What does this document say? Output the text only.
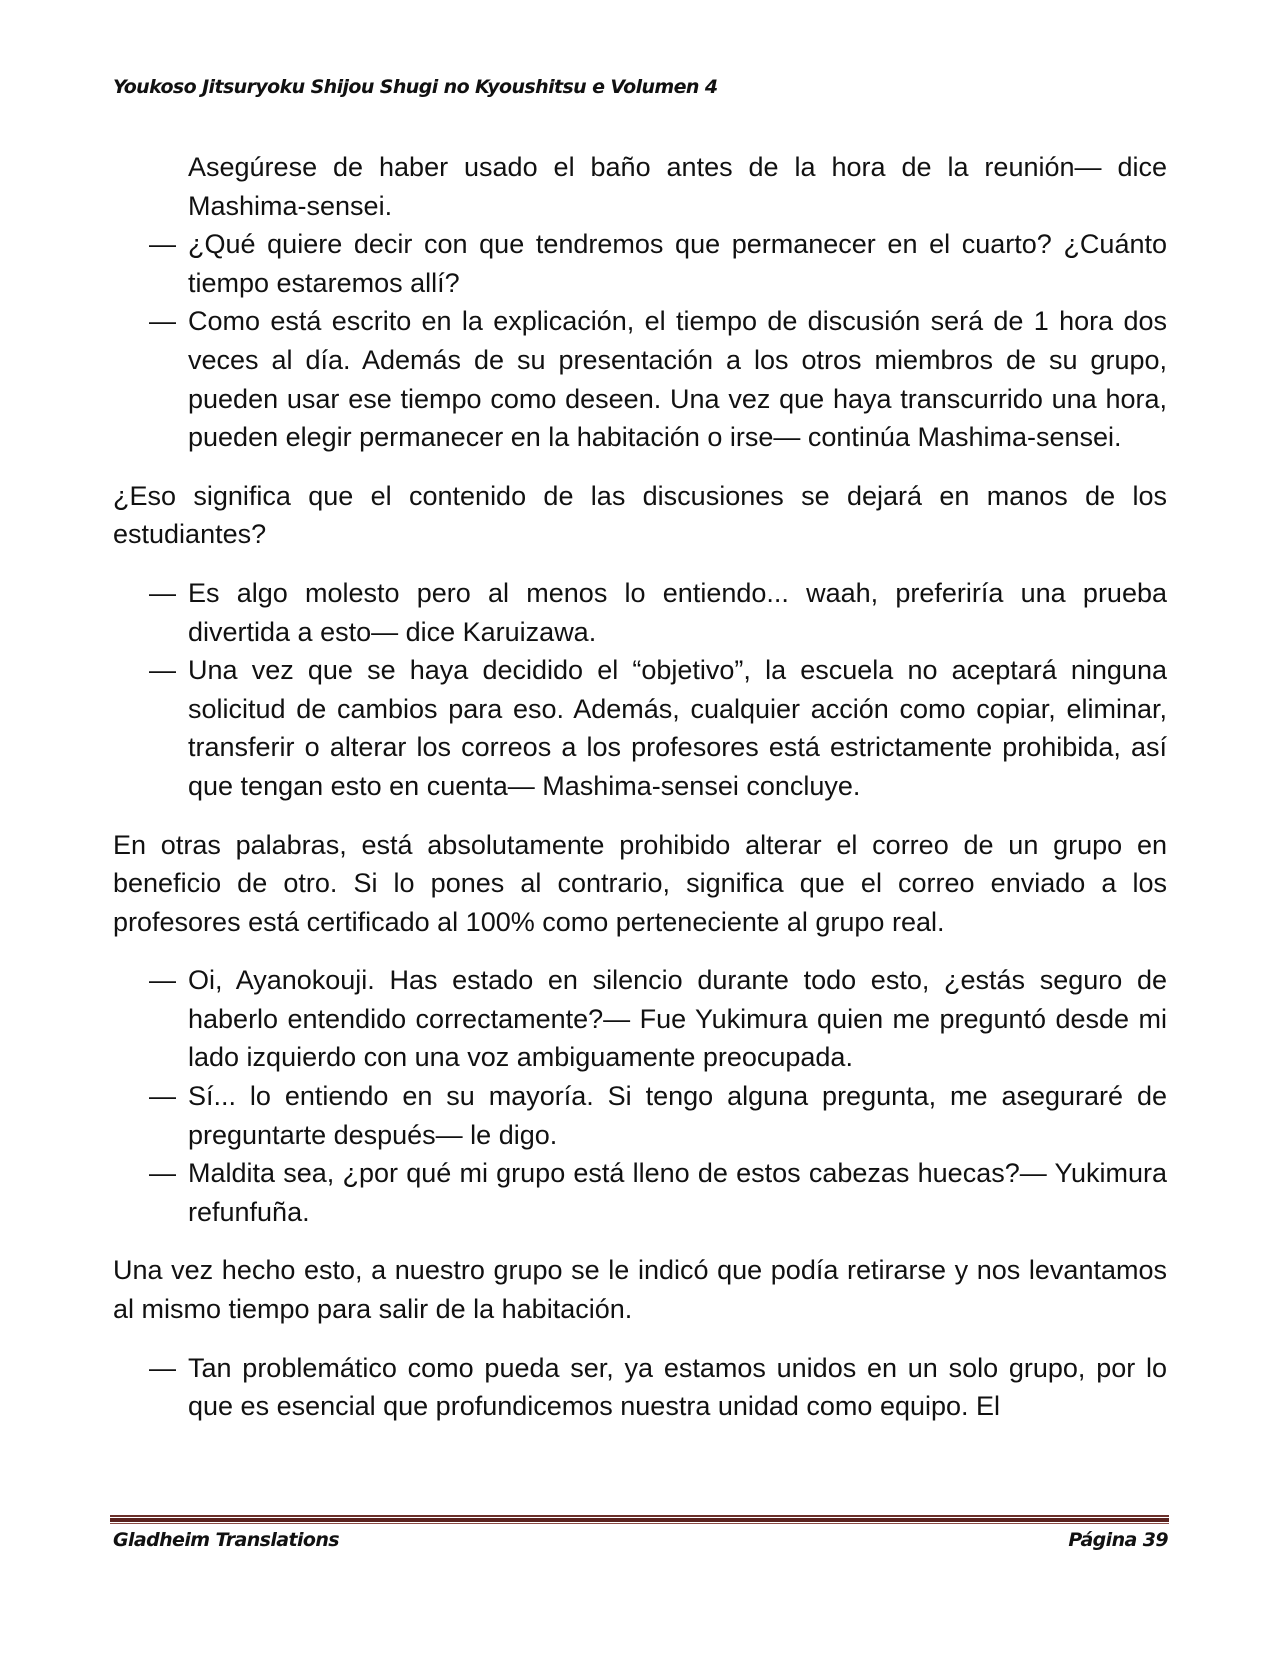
Youkoso Jitsuryoku Shijou Shugi no Kyoushitsu e Volumen 4
Asegúrese de haber usado el baño antes de la hora de la reunión— dice Mashima-sensei.
— ¿Qué quiere decir con que tendremos que permanecer en el cuarto? ¿Cuánto tiempo estaremos allí?
— Como está escrito en la explicación, el tiempo de discusión será de 1 hora dos veces al día. Además de su presentación a los otros miembros de su grupo, pueden usar ese tiempo como deseen. Una vez que haya transcurrido una hora, pueden elegir permanecer en la habitación o irse— continúa Mashima-sensei.

¿Eso significa que el contenido de las discusiones se dejará en manos de los estudiantes?

— Es algo molesto pero al menos lo entiendo... waah, preferiría una prueba divertida a esto— dice Karuizawa.
— Una vez que se haya decidido el “objetivo”, la escuela no aceptará ninguna solicitud de cambios para eso. Además, cualquier acción como copiar, eliminar, transferir o alterar los correos a los profesores está estrictamente prohibida, así que tengan esto en cuenta— Mashima-sensei concluye.

En otras palabras, está absolutamente prohibido alterar el correo de un grupo en beneficio de otro. Si lo pones al contrario, significa que el correo enviado a los profesores está certificado al 100% como perteneciente al grupo real.

— Oi, Ayanokouji. Has estado en silencio durante todo esto, ¿estás seguro de haberlo entendido correctamente?— Fue Yukimura quien me preguntó desde mi lado izquierdo con una voz ambiguamente preocupada.
— Sí... lo entiendo en su mayoría. Si tengo alguna pregunta, me aseguraré de preguntarte después— le digo.
— Maldita sea, ¿por qué mi grupo está lleno de estos cabezas huecas?— Yukimura refunfuña.

Una vez hecho esto, a nuestro grupo se le indicó que podía retirarse y nos levantamos al mismo tiempo para salir de la habitación.

— Tan problemático como pueda ser, ya estamos unidos en un solo grupo, por lo que es esencial que profundicemos nuestra unidad como equipo. El
Gladheim Translations	Página 39
